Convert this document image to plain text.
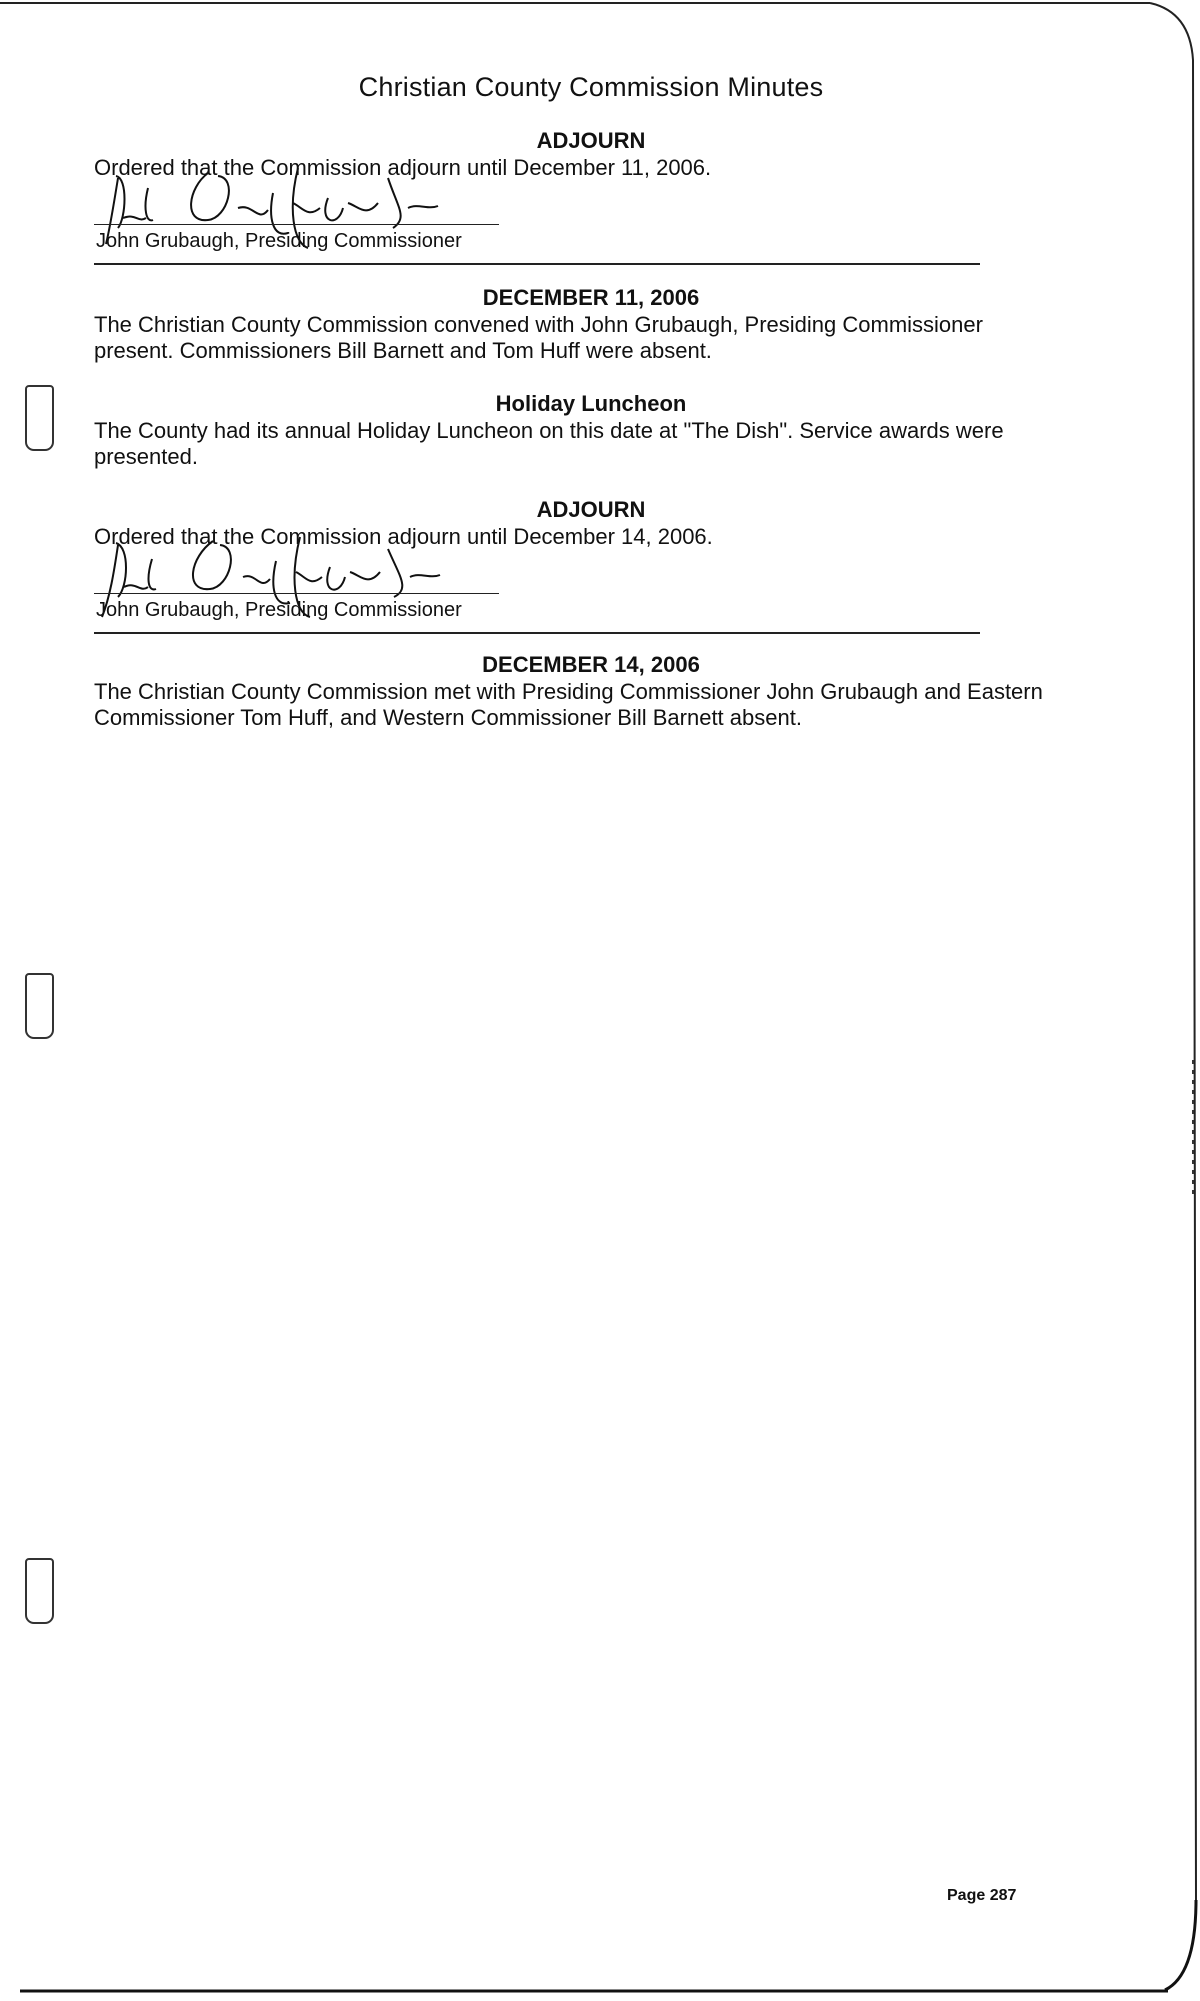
Christian County Commission Minutes
ADJOURN
Ordered that the Commission adjourn until December 11, 2006.
John Grubaugh, Presiding Commissioner
DECEMBER 11, 2006
The Christian County Commission convened with John Grubaugh, Presiding Commissioner
present. Commissioners Bill Barnett and Tom Huff were absent.
Holiday Luncheon
The County had its annual Holiday Luncheon on this date at "The Dish". Service awards were
presented.
ADJOURN
Ordered that the Commission adjourn until December 14, 2006.
John Grubaugh, Presiding Commissioner
DECEMBER 14, 2006
The Christian County Commission met with Presiding Commissioner John Grubaugh and Eastern
Commissioner Tom Huff, and Western Commissioner Bill Barnett absent.
Page 287
